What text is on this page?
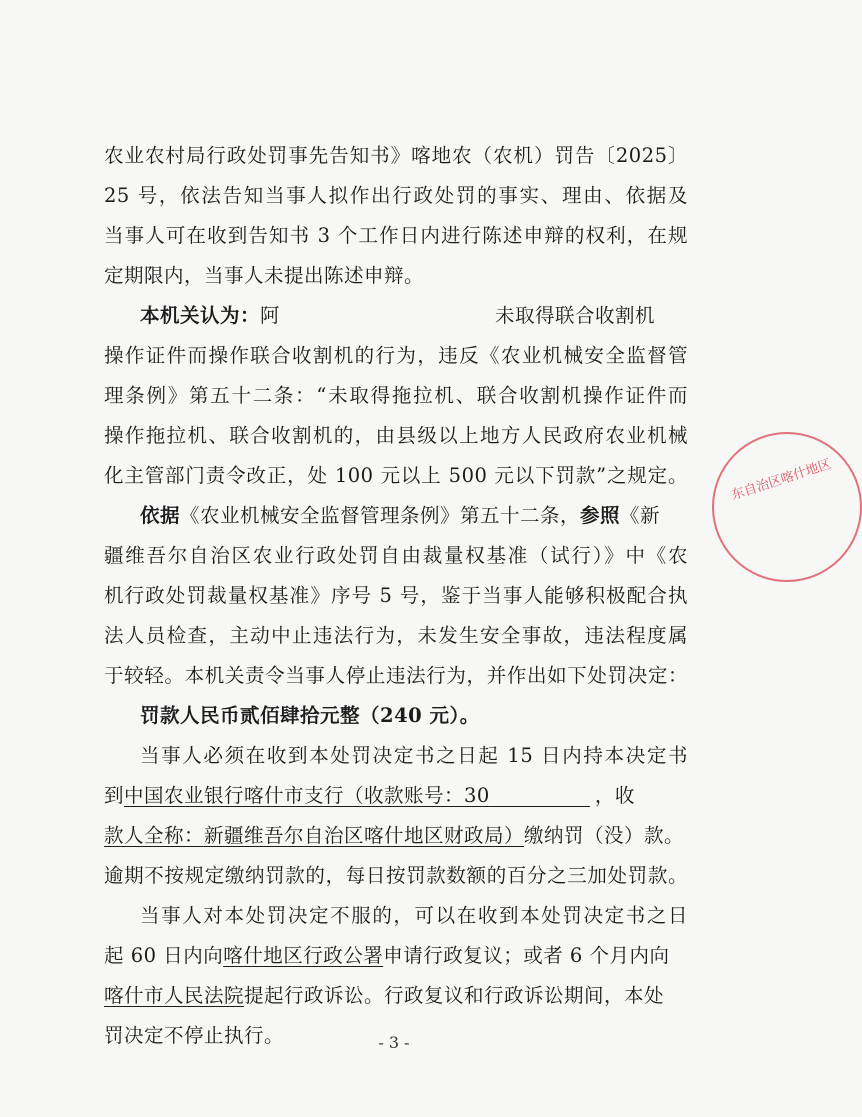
农业农村局行政处罚事先告知书》喀地农（农机）罚告〔2025〕
25 号，依法告知当事人拟作出行政处罚的事实、理由、依据及
当事人可在收到告知书 3 个工作日内进行陈述申辩的权利，在规
定期限内，当事人未提出陈述申辩。
本机关认为：阿	未取得联合收割机
操作证件而操作联合收割机的行为，违反《农业机械安全监督管
理条例》第五十二条：“未取得拖拉机、联合收割机操作证件而
操作拖拉机、联合收割机的，由县级以上地方人民政府农业机械
化主管部门责令改正，处 100 元以上 500 元以下罚款”之规定。
依据《农业机械安全监督管理条例》第五十二条，参照《新
疆维吾尔自治区农业行政处罚自由裁量权基准（试行）》中《农
机行政处罚裁量权基准》序号 5 号，鉴于当事人能够积极配合执
法人员检查，主动中止违法行为，未发生安全事故，违法程度属
于较轻。本机关责令当事人停止违法行为，并作出如下处罚决定：
罚款人民币贰佰肆拾元整（240 元）。
当事人必须在收到本处罚决定书之日起 15 日内持本决定书
到中国农业银行喀什市支行（收款账号：30     	，收
款人全称：新疆维吾尔自治区喀什地区财政局）缴纳罚（没）款。
逾期不按规定缴纳罚款的，每日按罚款数额的百分之三加处罚款。
当事人对本处罚决定不服的，可以在收到本处罚决定书之日
起 60 日内向喀什地区行政公署申请行政复议；或者 6 个月内向
喀什市人民法院提起行政诉讼。行政复议和行政诉讼期间，本处
罚决定不停止执行。	- 3 -
东自治区喀什地区
